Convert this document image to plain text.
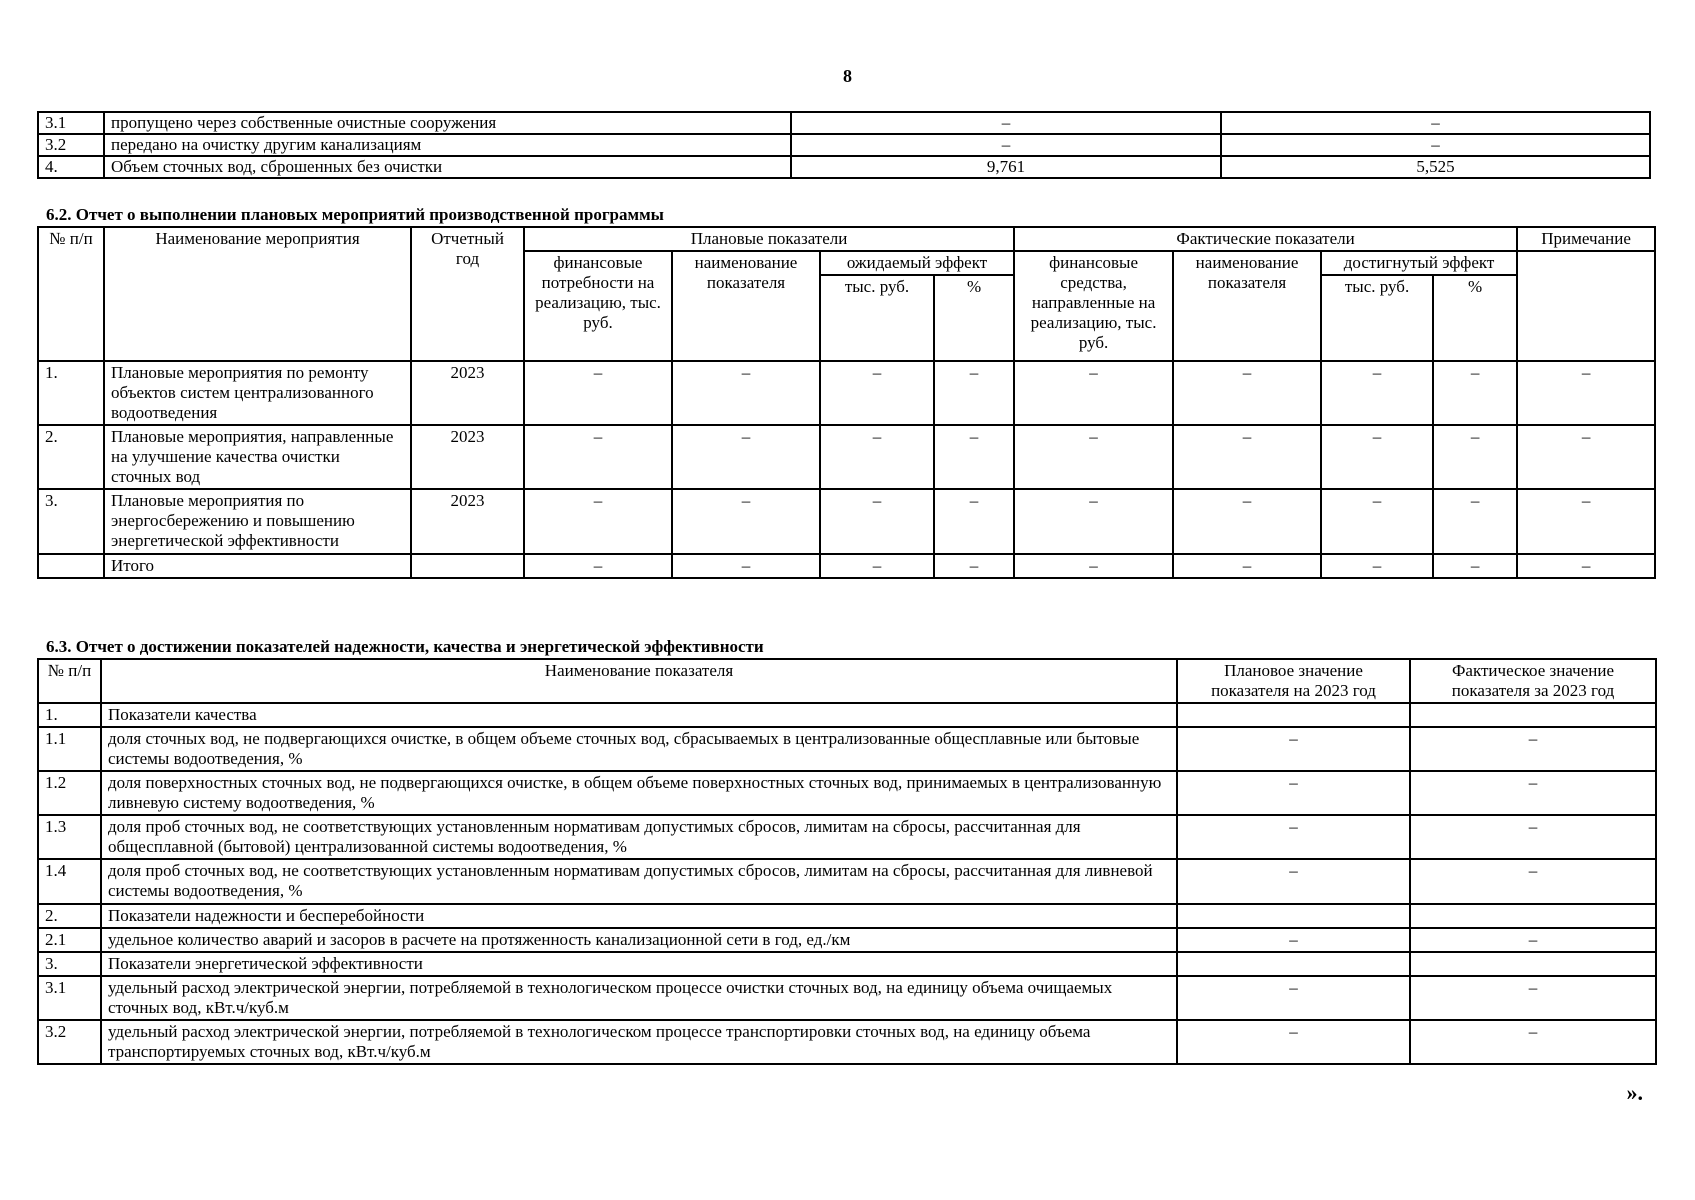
8
3.1	пропущено через собственные очистные сооружения	–	–
3.2	передано на очистку другим канализациям	–	–
4.	Объем сточных вод, сброшенных без очистки	9,761	5,525
6.2. Отчет о выполнении плановых мероприятий производственной программы
№ п/п	Наименование мероприятия	Отчетный год	Плановые показатели				Фактические показатели				Примечание
			финансовые потребности на реализацию, тыс. руб.	наименование показателя	ожидаемый эффект		финансовые средства, направленные на реализацию, тыс. руб.	наименование показателя	достигнутый эффект		
					тыс. руб.	%			тыс. руб.	%	
1.	Плановые мероприятия по ремонту объектов систем централизованного водоотведения	2023	–	–	–	–	–	–	–	–	–
2.	Плановые мероприятия, направленные на улучшение качества очистки сточных вод	2023	–	–	–	–	–	–	–	–	–
3.	Плановые мероприятия по энергосбережению и повышению энергетической эффективности	2023	–	–	–	–	–	–	–	–	–
	Итого		–	–	–	–	–	–	–	–	–
6.3. Отчет о достижении показателей надежности, качества и энергетической эффективности
№ п/п	Наименование показателя	Плановое значение показателя на 2023 год	Фактическое значение показателя за 2023 год
1.	Показатели качества		
1.1	доля сточных вод, не подвергающихся очистке, в общем объеме сточных вод, сбрасываемых в централизованные общесплавные или бытовые системы водоотведения, %	–	–
1.2	доля поверхностных сточных вод, не подвергающихся очистке, в общем объеме поверхностных сточных вод, принимаемых в централизованную ливневую систему водоотведения, %	–	–
1.3	доля проб сточных вод, не соответствующих установленным нормативам допустимых сбросов, лимитам на сбросы, рассчитанная для общесплавной (бытовой) централизованной системы водоотведения, %	–	–
1.4	доля проб сточных вод, не соответствующих установленным нормативам допустимых сбросов, лимитам на сбросы, рассчитанная для ливневой системы водоотведения, %	–	–
2.	Показатели надежности и бесперебойности		
2.1	удельное количество аварий и засоров в расчете на протяженность канализационной сети в год, ед./км	–	–
3.	Показатели энергетической эффективности		
3.1	удельный расход электрической энергии, потребляемой в технологическом процессе очистки сточных вод, на единицу объема очищаемых сточных вод, кВт.ч/куб.м	–	–
3.2	удельный расход электрической энергии, потребляемой в технологическом процессе транспортировки сточных вод, на единицу объема транспортируемых сточных вод, кВт.ч/куб.м	–	–
».
